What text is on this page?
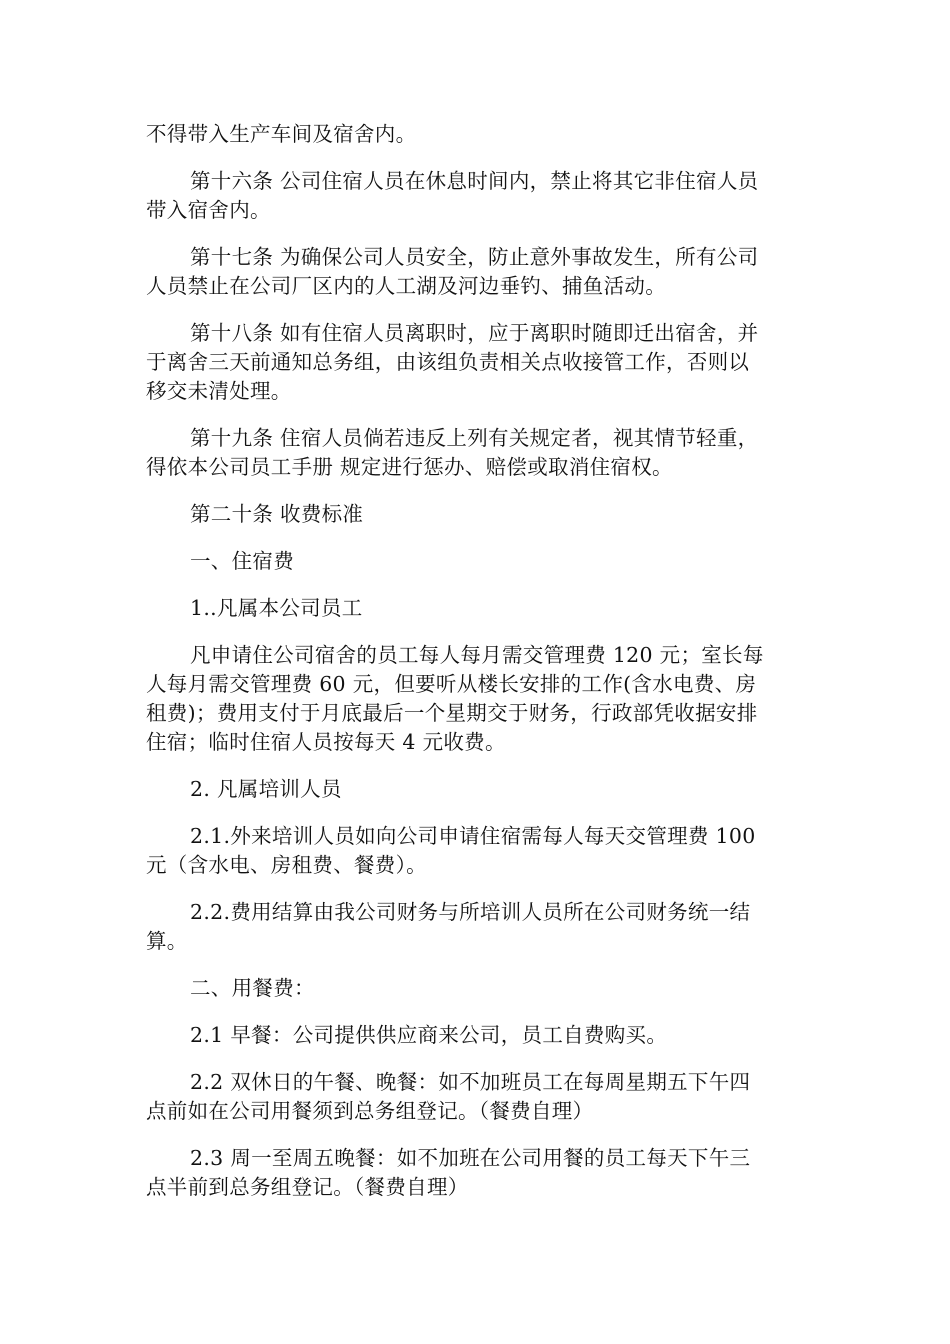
不得带入生产车间及宿舍内。

第十六条 公司住宿人员在休息时间内，禁止将其它非住宿人员
带入宿舍内。

第十七条 为确保公司人员安全，防止意外事故发生，所有公司
人员禁止在公司厂区内的人工湖及河边垂钓、捕鱼活动。

第十八条 如有住宿人员离职时，应于离职时随即迁出宿舍，并
于离舍三天前通知总务组，由该组负责相关点收接管工作，否则以
移交未清处理。

第十九条 住宿人员倘若违反上列有关规定者，视其情节轻重，
得依本公司员工手册 规定进行惩办、赔偿或取消住宿权。

第二十条 收费标准

一、住宿费

1..凡属本公司员工

凡申请住公司宿舍的员工每人每月需交管理费 120 元；室长每
人每月需交管理费 60 元，但要听从楼长安排的工作(含水电费、房
租费)；费用支付于月底最后一个星期交于财务，行政部凭收据安排
住宿；临时住宿人员按每天 4 元收费。

2. 凡属培训人员

2.1.外来培训人员如向公司申请住宿需每人每天交管理费 100
元（含水电、房租费、餐费）。

2.2.费用结算由我公司财务与所培训人员所在公司财务统一结
算。

二、用餐费：

2.1 早餐：公司提供供应商来公司，员工自费购买。

2.2 双休日的午餐、晚餐：如不加班员工在每周星期五下午四
点前如在公司用餐须到总务组登记。（餐费自理）

2.3 周一至周五晚餐：如不加班在公司用餐的员工每天下午三
点半前到总务组登记。（餐费自理）
